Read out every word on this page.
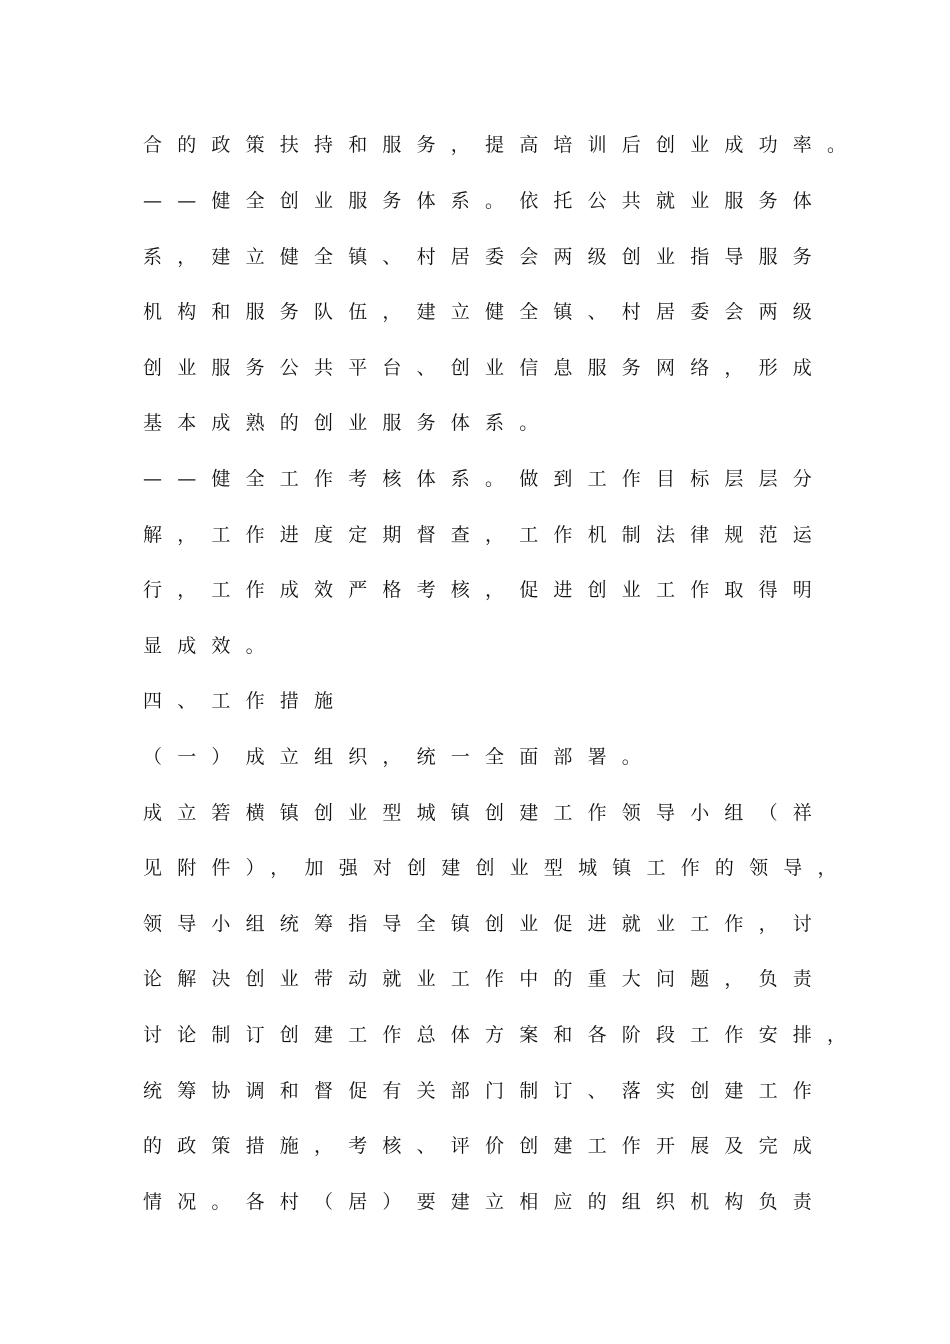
合的政策扶持和服务，提高培训后创业成功率。
——健全创业服务体系。依托公共就业服务体
系，建立健全镇、村居委会两级创业指导服务
机构和服务队伍，建立健全镇、村居委会两级
创业服务公共平台、创业信息服务网络，形成
基本成熟的创业服务体系。
——健全工作考核体系。做到工作目标层层分
解，工作进度定期督查，工作机制法律规范运
行，工作成效严格考核，促进创业工作取得明
显成效。
四、工作措施
（一）成立组织，统一全面部署。
成立箬横镇创业型城镇创建工作领导小组（祥
见附件），加强对创建创业型城镇工作的领导，
领导小组统筹指导全镇创业促进就业工作，讨
论解决创业带动就业工作中的重大问题，负责
讨论制订创建工作总体方案和各阶段工作安排，
统筹协调和督促有关部门制订、落实创建工作
的政策措施，考核、评价创建工作开展及完成
情况。各村（居）要建立相应的组织机构负责
